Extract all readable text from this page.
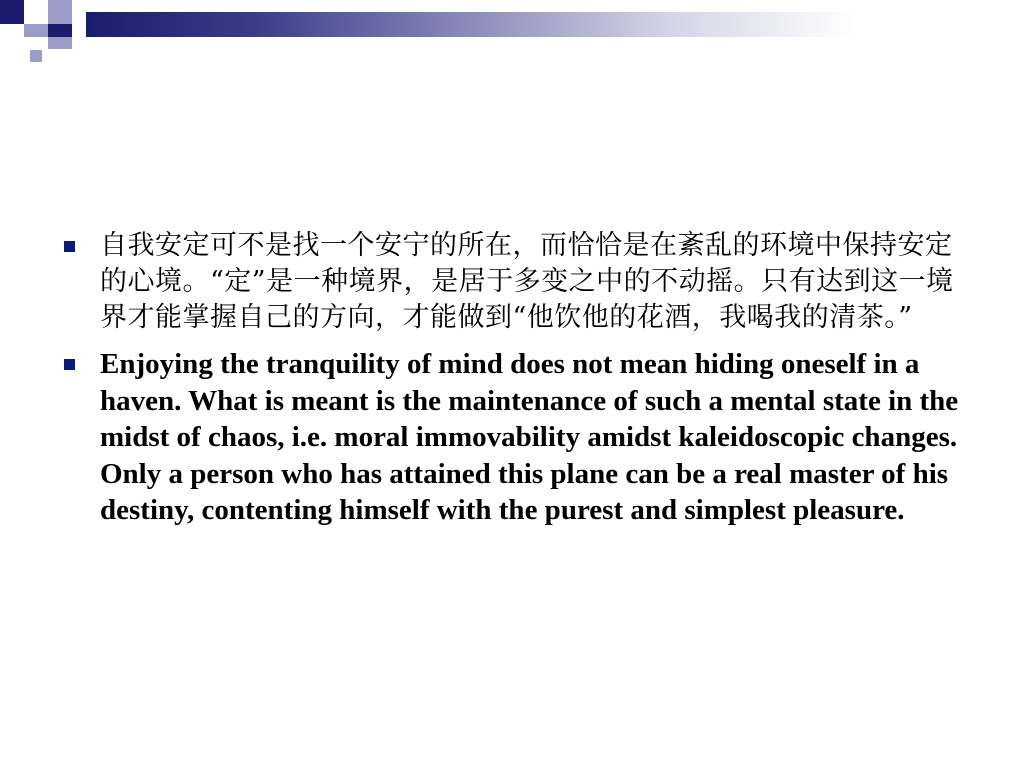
自我安定可不是找一个安宁的所在，而恰恰是在紊乱的环境中保持安定的心境。“定”是一种境界，是居于多变之中的不动摇。只有达到这一境界才能掌握自己的方向，才能做到“他饮他的花酒，我喝我的清茶。”
Enjoying the tranquility of mind does not mean hiding oneself in a haven. What is meant is the maintenance of such a mental state in the midst of chaos, i.e. moral immovability amidst kaleidoscopic changes. Only a person who has attained this plane can be a real master of his destiny, contenting himself with the purest and simplest pleasure.
